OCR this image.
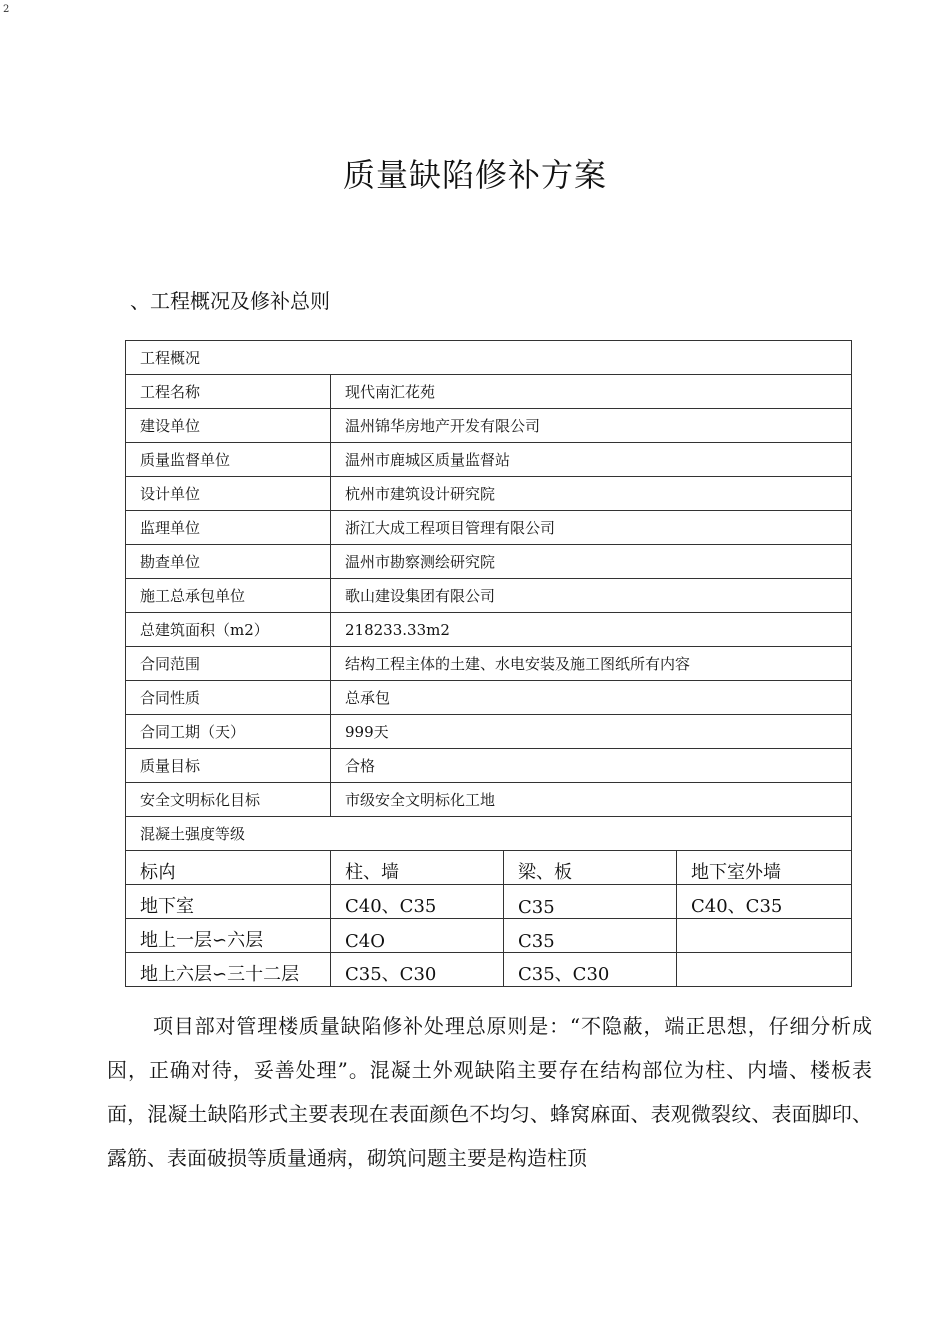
2
质量缺陷修补方案
、工程概况及修补总则
工程概况			
工程名称	现代南汇花苑		
建设单位	温州锦华房地产开发有限公司		
质量监督单位	温州市鹿城区质量监督站		
设计单位	杭州市建筑设计研究院		
监理单位	浙江大成工程项目管理有限公司		
勘查单位	温州市勘察测绘研究院		
施工总承包单位	歌山建设集团有限公司		
总建筑面积（m2）	218233.33m2		
合同范围	结构工程主体的土建、水电安装及施工图纸所有内容		
合同性质	总承包		
合同工期（天）	999天		
质量目标	合格		
安全文明标化目标	市级安全文明标化工地		
混凝土强度等级			
标禸	柱、墙	梁、板	地下室外墙
地下室	C40、C35	C35	C40、C35
地上一层∽六层	C4O	C35	
地上六层∽三十二层	C35、C30	C35、C30	

项目部对管理楼质量缺陷修补处理总原则是：“不隐蔽，端正思想，仔细分析成因，正确对待，妥善处理”。混凝土外观缺陷主要存在结构部位为柱、内墙、楼板表面，混凝土缺陷形式主要表现在表面颜色不均匀、蜂窝麻面、表观微裂纹、表面脚印、露筋、表面破损等质量通病，砌筑问题主要是构造柱顶
